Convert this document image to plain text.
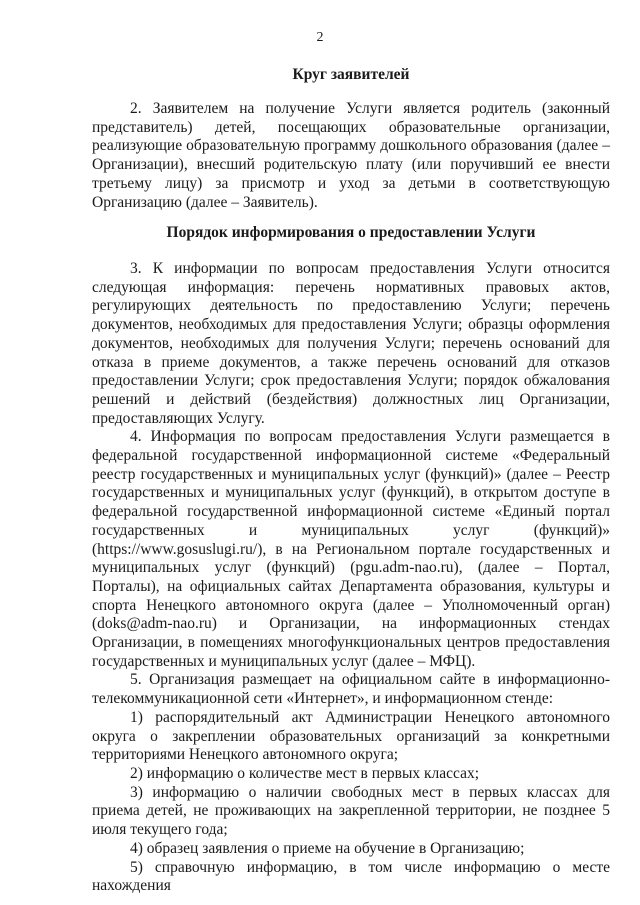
2
Круг заявителей

2. Заявителем на получение Услуги является родитель (законный представитель) детей, посещающих образовательные организации, реализующие образовательную программу дошкольного образования (далее – Организации), внесший родительскую плату (или поручивший ее внести третьему лицу) за присмотр и уход за детьми в соответствующую Организацию (далее – Заявитель).

Порядок информирования о предоставлении Услуги

3. К информации по вопросам предоставления Услуги относится следующая информация: перечень нормативных правовых актов, регулирующих деятельность по предоставлению Услуги; перечень документов, необходимых для предоставления Услуги; образцы оформления документов, необходимых для получения Услуги; перечень оснований для отказа в приеме документов, а также перечень оснований для отказов предоставлении Услуги; срок предоставления Услуги; порядок обжалования решений и действий (бездействия) должностных лиц Организации, предоставляющих Услугу.

4. Информация по вопросам предоставления Услуги размещается в федеральной государственной информационной системе «Федеральный реестр государственных и муниципальных услуг (функций)» (далее – Реестр государственных и муниципальных услуг (функций), в открытом доступе в федеральной государственной информационной системе «Единый портал государственных и муниципальных услуг (функций)» (https://www.gosuslugi.ru/), в на Региональном портале государственных и муниципальных услуг (функций) (pgu.adm-nao.ru), (далее – Портал, Порталы), на официальных сайтах Департамента образования, культуры и спорта Ненецкого автономного округа (далее – Уполномоченный орган) (doks@adm-nao.ru) и Организации, на информационных стендах Организации, в помещениях многофункциональных центров предоставления государственных и муниципальных услуг (далее – МФЦ).

5. Организация размещает на официальном сайте в информационно-телекоммуникационной сети «Интернет», и информационном стенде:

1) распорядительный акт Администрации Ненецкого автономного округа о закреплении образовательных организаций за конкретными территориями Ненецкого автономного округа;

2) информацию о количестве мест в первых классах;

3) информацию о наличии свободных мест в первых классах для приема детей, не проживающих на закрепленной территории, не позднее 5 июля текущего года;

4) образец заявления о приеме на обучение в Организацию;

5) справочную информацию, в том числе информацию о месте нахождения
